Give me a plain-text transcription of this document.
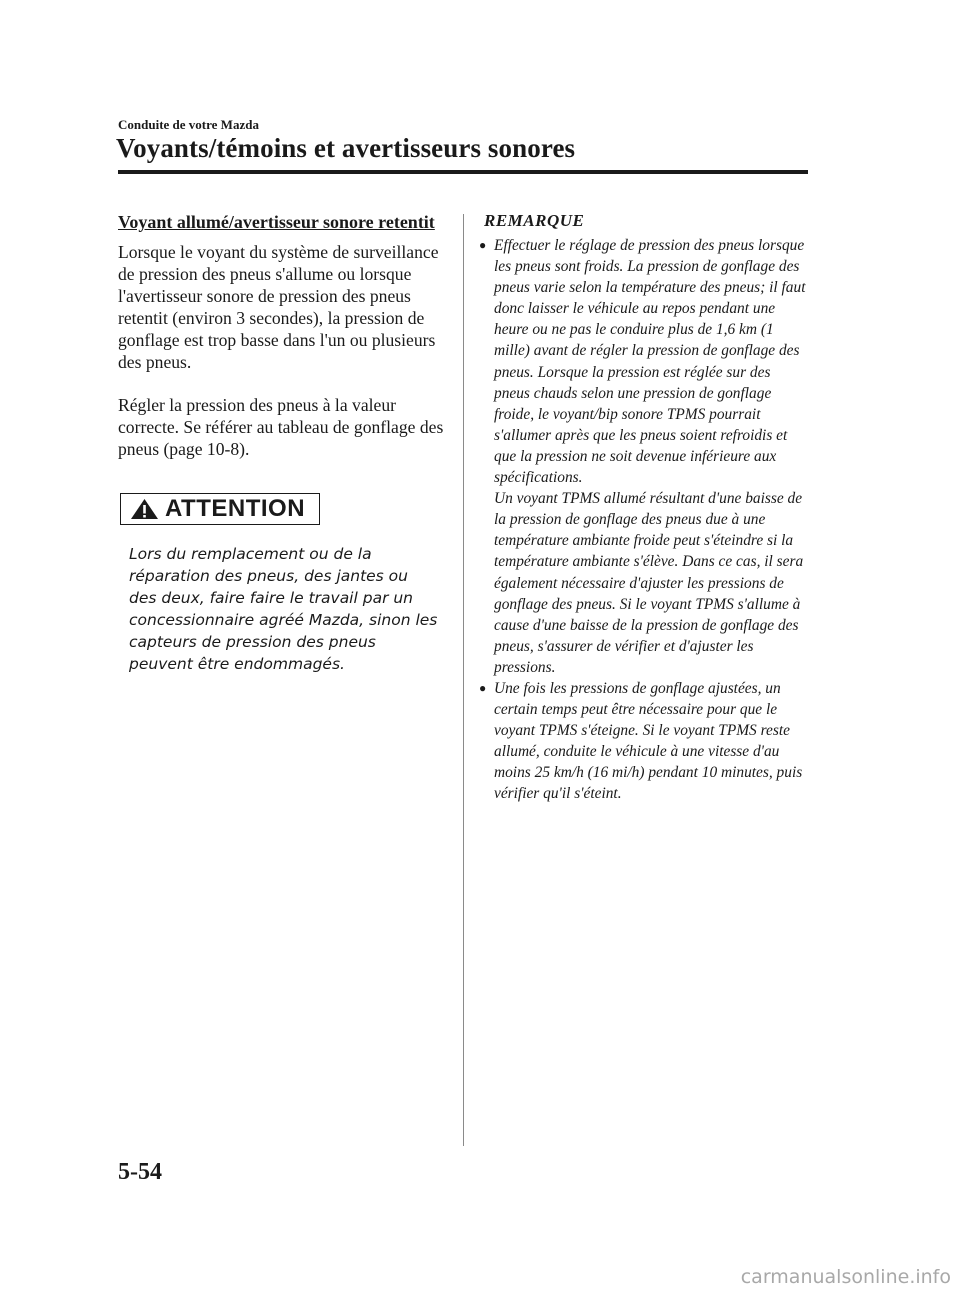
Conduite de votre Mazda
Voyants/témoins et avertisseurs sonores
Voyant allumé/avertisseur sonore retentit

Lorsque le voyant du système de surveillance de pression des pneus s'allume ou lorsque l'avertisseur sonore de pression des pneus retentit (environ 3 secondes), la pression de gonflage est trop basse dans l'un ou plusieurs des pneus.

Régler la pression des pneus à la valeur correcte. Se référer au tableau de gonflage des pneus (page 10-8).

ATTENTION
Lors du remplacement ou de la réparation des pneus, des jantes ou des deux, faire faire le travail par un concessionnaire agréé Mazda, sinon les capteurs de pression des pneus peuvent être endommagés.
REMARQUE
● Effectuer le réglage de pression des pneus lorsque les pneus sont froids. La pression de gonflage des pneus varie selon la température des pneus; il faut donc laisser le véhicule au repos pendant une heure ou ne pas le conduire plus de 1,6 km (1 mille) avant de régler la pression de gonflage des pneus. Lorsque la pression est réglée sur des pneus chauds selon une pression de gonflage froide, le voyant/bip sonore TPMS pourrait s'allumer après que les pneus soient refroidis et que la pression ne soit devenue inférieure aux spécifications.
Un voyant TPMS allumé résultant d'une baisse de la pression de gonflage des pneus due à une température ambiante froide peut s'éteindre si la température ambiante s'élève. Dans ce cas, il sera également nécessaire d'ajuster les pressions de gonflage des pneus. Si le voyant TPMS s'allume à cause d'une baisse de la pression de gonflage des pneus, s'assurer de vérifier et d'ajuster les pressions.
● Une fois les pressions de gonflage ajustées, un certain temps peut être nécessaire pour que le voyant TPMS s'éteigne. Si le voyant TPMS reste allumé, conduite le véhicule à une vitesse d'au moins 25 km/h (16 mi/h) pendant 10 minutes, puis vérifier qu'il s'éteint.
5-54
carmanualsonline.info
